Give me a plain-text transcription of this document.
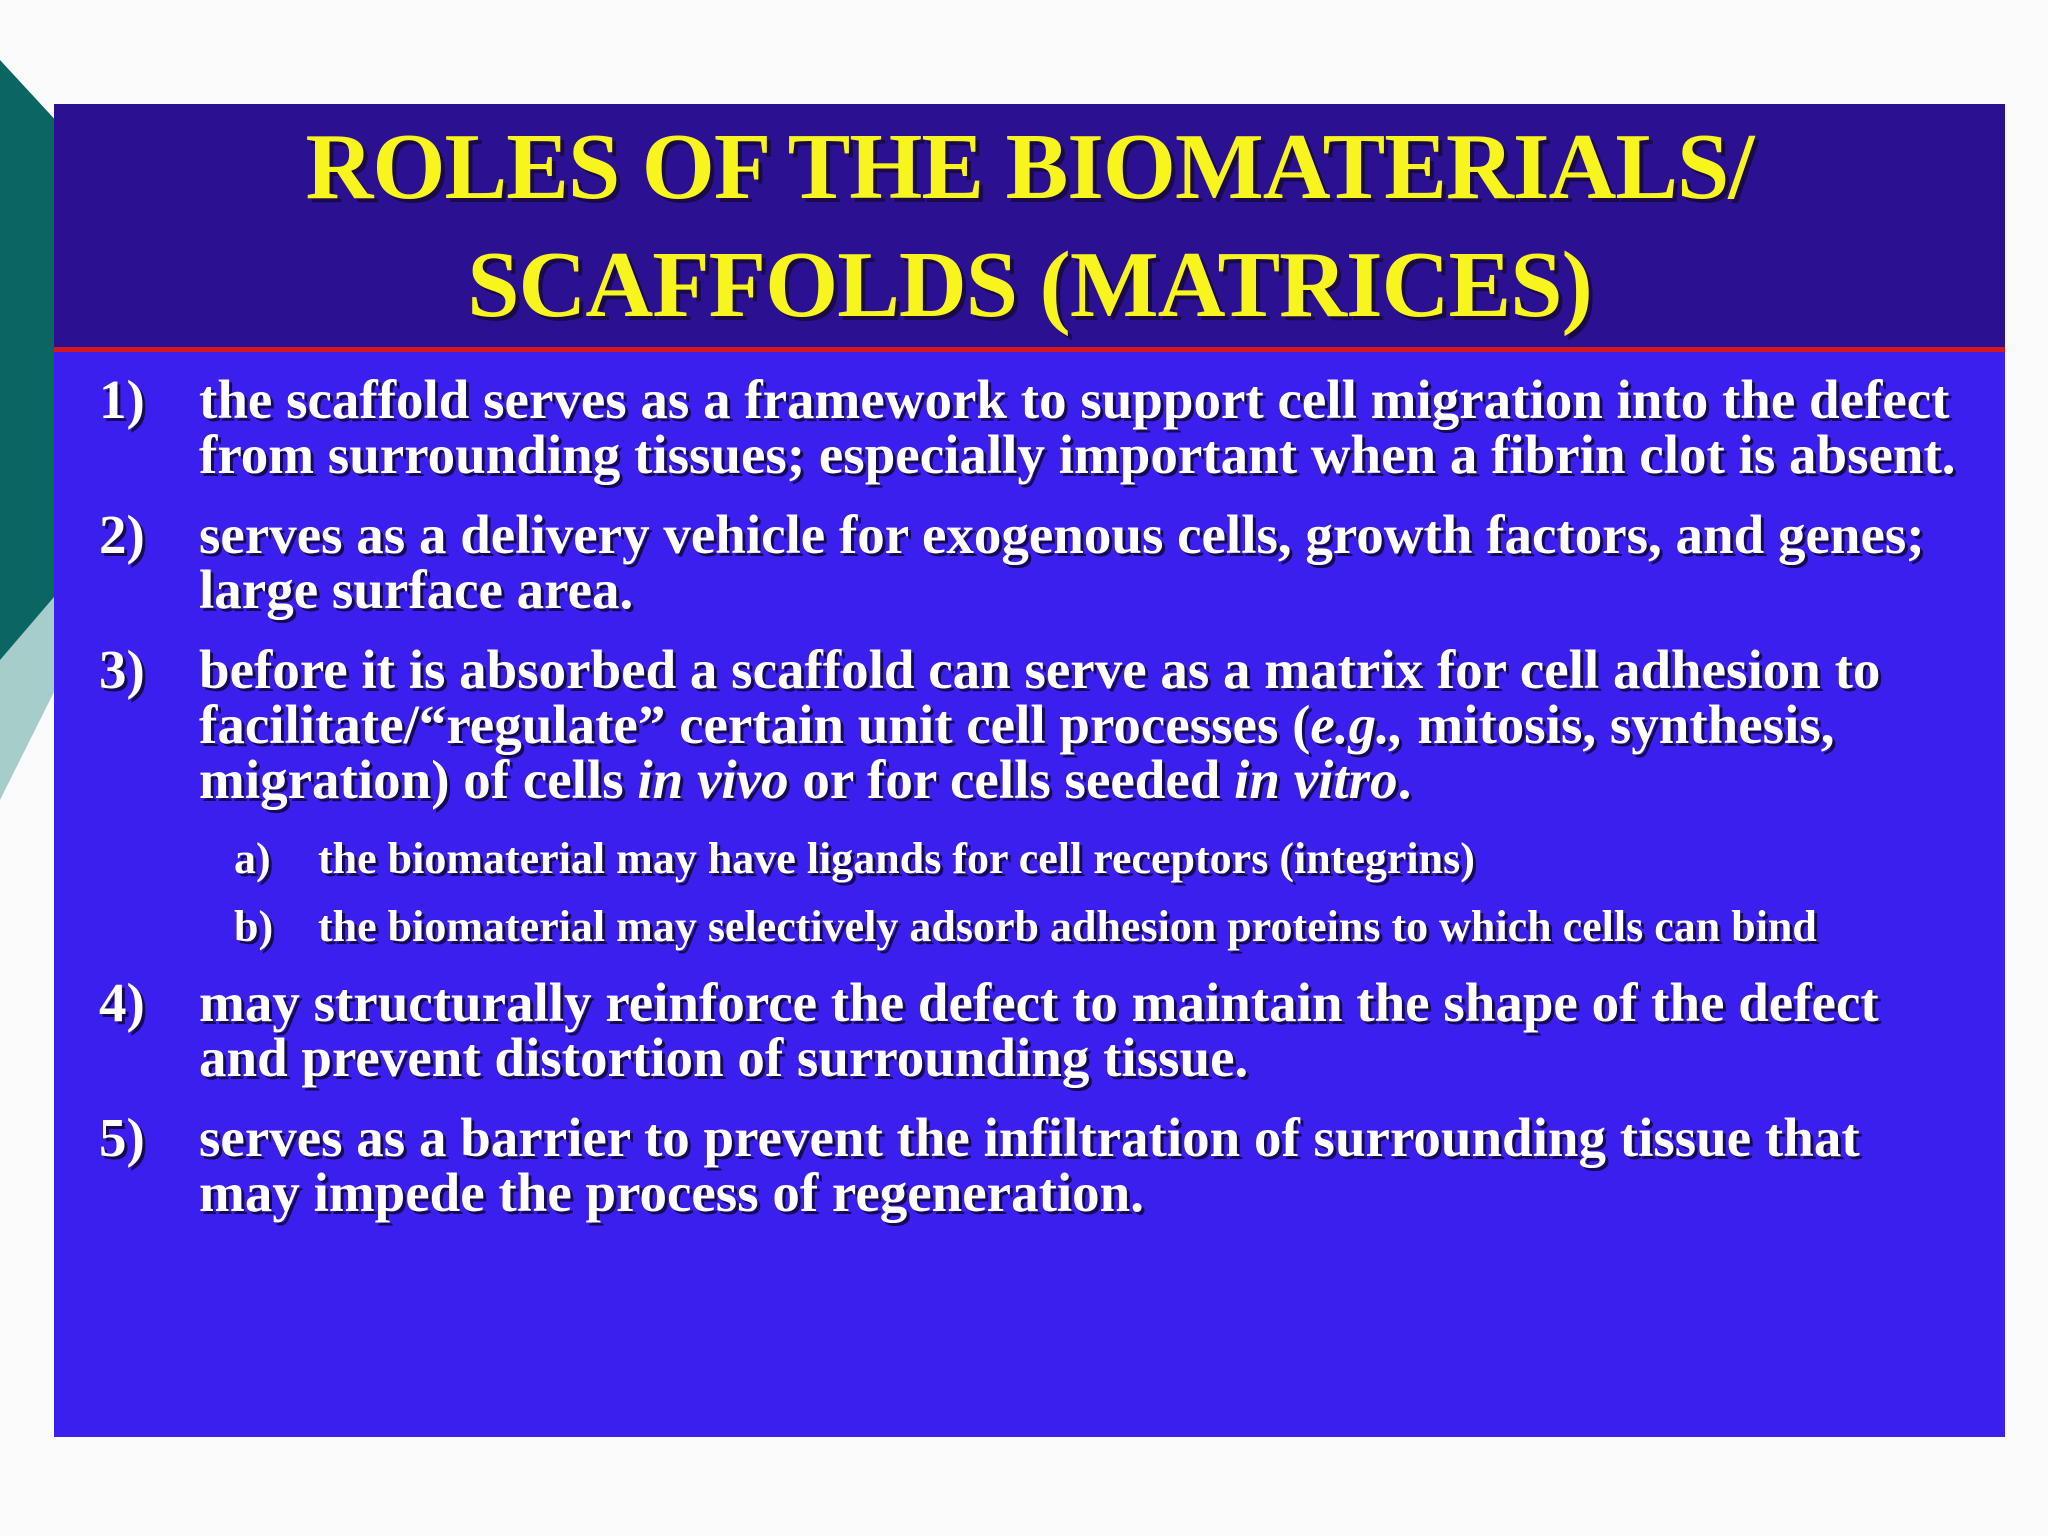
ROLES OF THE BIOMATERIALS/
SCAFFOLDS (MATRICES)
1) the scaffold serves as a framework to support cell migration into the defect from surrounding tissues; especially important when a fibrin clot is absent.
2) serves as a delivery vehicle for exogenous cells, growth factors, and genes; large surface area.
3) before it is absorbed a scaffold can serve as a matrix for cell adhesion to facilitate/“regulate” certain unit cell processes (e.g., mitosis, synthesis, migration) of cells in vivo or for cells seeded in vitro.
a) the biomaterial may have ligands for cell receptors (integrins)
b) the biomaterial may selectively adsorb adhesion proteins to which cells can bind
4) may structurally reinforce the defect to maintain the shape of the defect and prevent distortion of surrounding tissue.
5) serves as a barrier to prevent the infiltration of surrounding tissue that may impede the process of regeneration.
